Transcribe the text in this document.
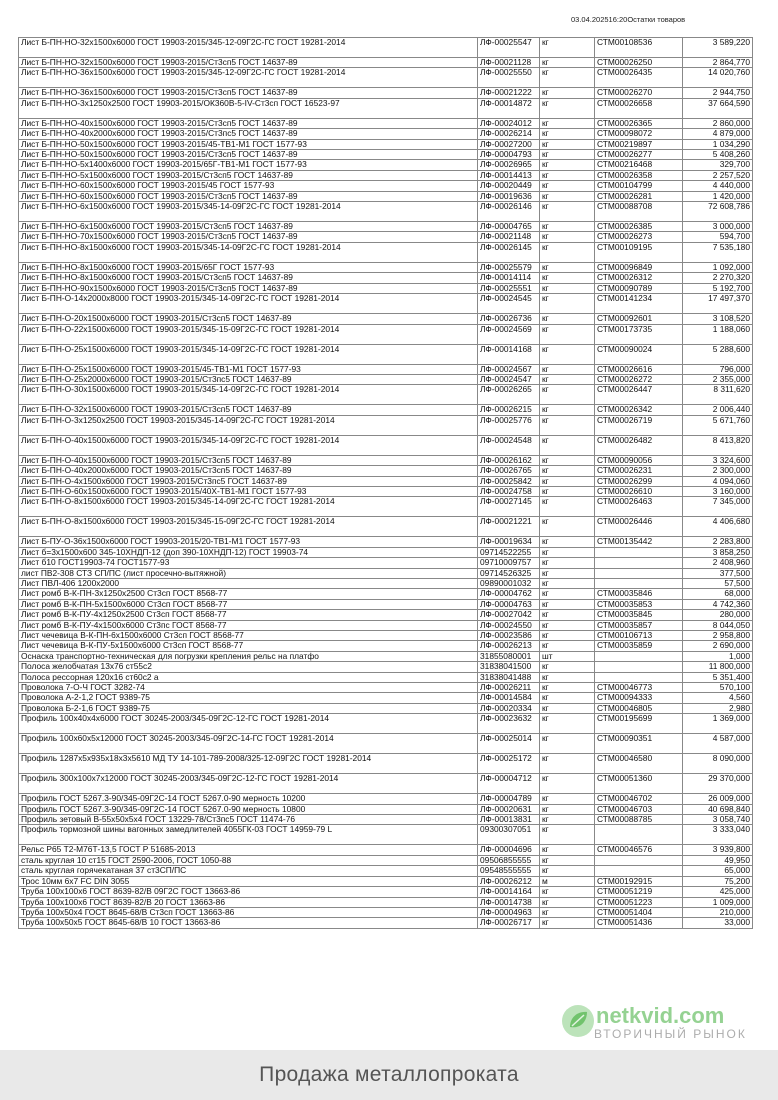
03.04.202516:20Остатки товаров
Лист Б-ПН-НО-32х1500х6000 ГОСТ 19903-2015/345-12-09Г2С-ГС ГОСТ 19281-2014	ЛФ-00025547	кг	СТМ00108536	3 589,220
Лист Б-ПН-НО-32х1500х6000 ГОСТ 19903-2015/Ст3сп5 ГОСТ 14637-89	ЛФ-00021128	кг	СТМ00026250	2 864,770
Лист Б-ПН-НО-36х1500х6000 ГОСТ 19903-2015/345-12-09Г2С-ГС ГОСТ 19281-2014	ЛФ-00025550	кг	СТМ00026435	14 020,760
Лист Б-ПН-НО-36х1500х6000 ГОСТ 19903-2015/Ст3сп5 ГОСТ 14637-89	ЛФ-00021222	кг	СТМ00026270	2 944,750
Лист Б-ПН-НО-3х1250х2500 ГОСТ 19903-2015/ОК360В-5-IV-Ст3сп ГОСТ 16523-97	ЛФ-00014872	кг	СТМ00026658	37 664,590
Лист Б-ПН-НО-40х1500х6000 ГОСТ 19903-2015/Ст3сп5 ГОСТ 14637-89	ЛФ-00024012	кг	СТМ00026365	2 860,000
Лист Б-ПН-НО-40х2000х6000 ГОСТ 19903-2015/Ст3пс5 ГОСТ 14637-89	ЛФ-00026214	кг	СТМ00098072	4 879,000
Лист Б-ПН-НО-50х1500х6000 ГОСТ 19903-2015/45-ТВ1-М1 ГОСТ 1577-93	ЛФ-00027200	кг	СТМ00219897	1 034,290
Лист Б-ПН-НО-50х1500х6000 ГОСТ 19903-2015/Ст3сп5 ГОСТ 14637-89	ЛФ-00004793	кг	СТМ00026277	5 408,260
Лист Б-ПН-НО-5х1400х6000 ГОСТ 19903-2015/65Г-ТВ1-М1 ГОСТ 1577-93	ЛФ-00026965	кг	СТМ00216468	329,700
Лист Б-ПН-НО-5х1500х6000 ГОСТ 19903-2015/Ст3сп5 ГОСТ 14637-89	ЛФ-00014413	кг	СТМ00026358	2 257,520
Лист Б-ПН-НО-60х1500х6000 ГОСТ 19903-2015/45 ГОСТ 1577-93	ЛФ-00020449	кг	СТМ00104799	4 440,000
Лист Б-ПН-НО-60х1500х6000 ГОСТ 19903-2015/Ст3сп5 ГОСТ 14637-89	ЛФ-00019636	кг	СТМ00026281	1 420,000
Лист Б-ПН-НО-6х1500х6000 ГОСТ 19903-2015/345-14-09Г2С-ГС ГОСТ 19281-2014	ЛФ-00026146	кг	СТМ00088708	72 608,786
Лист Б-ПН-НО-6х1500х6000 ГОСТ 19903-2015/Ст3сп5 ГОСТ 14637-89	ЛФ-00004765	кг	СТМ00026385	3 000,000
Лист Б-ПН-НО-70х1500х6000 ГОСТ 19903-2015/Ст3сп5 ГОСТ 14637-89	ЛФ-00021148	кг	СТМ00026273	594,700
Лист Б-ПН-НО-8х1500х6000 ГОСТ 19903-2015/345-14-09Г2С-ГС ГОСТ 19281-2014	ЛФ-00026145	кг	СТМ00109195	7 535,180
Лист Б-ПН-НО-8х1500х6000 ГОСТ 19903-2015/65Г ГОСТ 1577-93	ЛФ-00025579	кг	СТМ00096849	1 092,000
Лист Б-ПН-НО-8х1500х6000 ГОСТ 19903-2015/Ст3сп5 ГОСТ 14637-89	ЛФ-00014114	кг	СТМ00026312	2 270,320
Лист Б-ПН-НО-90х1500х6000 ГОСТ 19903-2015/Ст3сп5 ГОСТ 14637-89	ЛФ-00025551	кг	СТМ00090789	5 192,700
Лист Б-ПН-О-14х2000х8000 ГОСТ 19903-2015/345-14-09Г2С-ГС ГОСТ 19281-2014	ЛФ-00024545	кг	СТМ00141234	17 497,370
Лист Б-ПН-О-20х1500х6000 ГОСТ 19903-2015/Ст3сп5 ГОСТ 14637-89	ЛФ-00026736	кг	СТМ00092601	3 108,520
Лист Б-ПН-О-22х1500х6000 ГОСТ 19903-2015/345-15-09Г2С-ГС ГОСТ 19281-2014	ЛФ-00024569	кг	СТМ00173735	1 188,060
Лист Б-ПН-О-25х1500х6000 ГОСТ 19903-2015/345-14-09Г2С-ГС ГОСТ 19281-2014	ЛФ-00014168	кг	СТМ00090024	5 288,600
Лист Б-ПН-О-25х1500х6000 ГОСТ 19903-2015/45-ТВ1-М1 ГОСТ 1577-93	ЛФ-00024567	кг	СТМ00026616	796,000
Лист Б-ПН-О-25х2000х6000 ГОСТ 19903-2015/Ст3пс5 ГОСТ 14637-89	ЛФ-00024547	кг	СТМ00026272	2 355,000
Лист Б-ПН-О-30х1500х6000 ГОСТ 19903-2015/345-14-09Г2С-ГС ГОСТ 19281-2014	ЛФ-00026265	кг	СТМ00026447	8 311,620
Лист Б-ПН-О-32х1500х6000 ГОСТ 19903-2015/Ст3сп5 ГОСТ 14637-89	ЛФ-00026215	кг	СТМ00026342	2 006,440
Лист Б-ПН-О-3х1250х2500 ГОСТ 19903-2015/345-14-09Г2С-ГС ГОСТ 19281-2014	ЛФ-00025776	кг	СТМ00026719	5 671,760
Лист Б-ПН-О-40х1500х6000 ГОСТ 19903-2015/345-14-09Г2С-ГС ГОСТ 19281-2014	ЛФ-00024548	кг	СТМ00026482	8 413,820
Лист Б-ПН-О-40х1500х6000 ГОСТ 19903-2015/Ст3сп5 ГОСТ 14637-89	ЛФ-00026162	кг	СТМ00090056	3 324,600
Лист Б-ПН-О-40х2000х6000 ГОСТ 19903-2015/Ст3сп5 ГОСТ 14637-89	ЛФ-00026765	кг	СТМ00026231	2 300,000
Лист Б-ПН-О-4х1500х6000 ГОСТ 19903-2015/Ст3пс5 ГОСТ 14637-89	ЛФ-00025842	кг	СТМ00026299	4 094,060
Лист Б-ПН-О-60х1500х6000 ГОСТ 19903-2015/40Х-ТВ1-М1 ГОСТ 1577-93	ЛФ-00024758	кг	СТМ00026610	3 160,000
Лист Б-ПН-О-8х1500х6000 ГОСТ 19903-2015/345-14-09Г2С-ГС ГОСТ 19281-2014	ЛФ-00027145	кг	СТМ00026463	7 345,000
Лист Б-ПН-О-8х1500х6000 ГОСТ 19903-2015/345-15-09Г2С-ГС ГОСТ 19281-2014	ЛФ-00021221	кг	СТМ00026446	4 406,680
Лист Б-ПУ-О-36х1500х6000 ГОСТ 19903-2015/20-ТВ1-М1 ГОСТ 1577-93	ЛФ-00019634	кг	СТМ00135442	2 283,800
Лист б=3х1500х600 345-10ХНДП-12 (доп 390-10ХНДП-12) ГОСТ 19903-74	09714522255	кг		3 858,250
Лист б10 ГОСТ19903-74 ГОСТ1577-93	09710009757	кг		2 408,960
лист ПВ2-308 СТЗ СП/ПС (лист просечно-вытяжной)	09714526325	кг		377,500
Лист ПВЛ-406 1200х2000	09890001032	кг		57,500
Лист ромб В-К-ПН-3х1250х2500 Ст3сп ГОСТ 8568-77	ЛФ-00004762	кг	СТМ00035846	68,000
Лист ромб В-К-ПН-5х1500х6000 Ст3сп ГОСТ 8568-77	ЛФ-00004763	кг	СТМ00035853	4 742,360
Лист ромб В-К-ПУ-4х1250х2500 Ст3сп ГОСТ 8568-77	ЛФ-00027042	кг	СТМ00035845	280,000
Лист ромб В-К-ПУ-4х1500х6000 Ст3пс ГОСТ 8568-77	ЛФ-00024550	кг	СТМ00035857	8 044,050
Лист чечевица В-К-ПН-6х1500х6000 Ст3сп ГОСТ 8568-77	ЛФ-00023586	кг	СТМ00106713	2 958,800
Лист чечевица В-К-ПУ-5х1500х6000 Ст3сп ГОСТ 8568-77	ЛФ-00026213	кг	СТМ00035859	2 690,000
Оснаска транспортно-техническая для погрузки крепления рельс на платфо	31855080001	шт		1,000
Полоса желобчатая 13х76 ст55с2	31838041500	кг		11 800,000
Полоса рессорная 120х16 ст60с2 а	31838041488	кг		5 351,400
Проволока 7-О-Ч ГОСТ 3282-74	ЛФ-00026211	кг	СТМ00046773	570,100
Проволока А-2-1,2 ГОСТ 9389-75	ЛФ-00014584	кг	СТМ00094333	4,560
Проволока Б-2-1,6 ГОСТ 9389-75	ЛФ-00020334	кг	СТМ00046805	2,980
Профиль 100х40х4х6000 ГОСТ 30245-2003/345-09Г2С-12-ГС ГОСТ 19281-2014	ЛФ-00023632	кг	СТМ00195699	1 369,000
Профиль 100х60х5х12000 ГОСТ 30245-2003/345-09Г2С-14-ГС ГОСТ 19281-2014	ЛФ-00025014	кг	СТМ00090351	4 587,000
Профиль 1287х5х935х18х3х5610 МД ТУ 14-101-789-2008/325-12-09Г2С ГОСТ 19281-2014	ЛФ-00025172	кг	СТМ00046580	8 090,000
Профиль 300х100х7х12000 ГОСТ 30245-2003/345-09Г2С-12-ГС ГОСТ 19281-2014	ЛФ-00004712	кг	СТМ00051360	29 370,000
Профиль ГОСТ 5267.3-90/345-09Г2С-14 ГОСТ 5267.0-90 мерность 10200	ЛФ-00004789	кг	СТМ00046702	26 009,000
Профиль ГОСТ 5267.3-90/345-09Г2С-14 ГОСТ 5267.0-90 мерность 10800	ЛФ-00020631	кг	СТМ00046703	40 698,840
Профиль зетовый В-55х50х5х4 ГОСТ 13229-78/Ст3пс5 ГОСТ 11474-76	ЛФ-00013831	кг	СТМ00088785	3 058,740
Профиль тормозной шины вагонных замедлителей 4055ГК-03 ГОСТ 14959-79 L	09300307051	кг		3 333,040
Рельс Р65 Т2-М76Т-13,5 ГОСТ Р 51685-2013	ЛФ-00004696	кг	СТМ00046576	3 939,800
сталь круглая 10 ст15 ГОСТ 2590-2006, ГОСТ 1050-88	09506855555	кг		49,950
сталь круглая горячекатаная 37 ст3СП/ПС	09548555555	кг		65,000
Трос 10мм 6х7 FC DIN 3055	ЛФ-00026212	м	СТМ00192915	75,200
Труба 100х100х6 ГОСТ 8639-82/В 09Г2С ГОСТ 13663-86	ЛФ-00014164	кг	СТМ00051219	425,000
Труба 100х100х6 ГОСТ 8639-82/В 20 ГОСТ 13663-86	ЛФ-00014738	кг	СТМ00051223	1 009,000
Труба 100х50х4 ГОСТ 8645-68/В Ст3сп ГОСТ 13663-86	ЛФ-00004963	кг	СТМ00051404	210,000
Труба 100х50х5 ГОСТ 8645-68/В 10 ГОСТ 13663-86	ЛФ-00026717	кг	СТМ00051436	33,000
netkvid.com
ВТОРИЧНЫЙ РЫНОК
Продажа металлопроката
